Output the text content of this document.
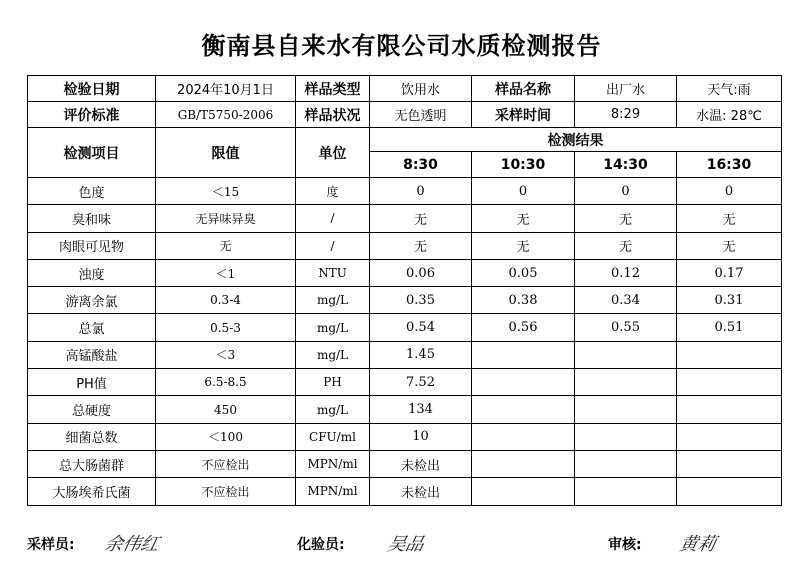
衡南县自来水有限公司水质检测报告
检验日期	2024年10月1日	样品类型	饮用水	样品名称	出厂水	天气:雨
评价标准	GB/T5750-2006	样品状况	无色透明	采样时间	8:29	水温: 28℃
检测项目	限值	单位	检测结果			
			8:30	10:30	14:30	16:30
色度	＜15	度	0	0	0	0
臭和味	无异味异臭	/	无	无	无	无
肉眼可见物	无	/	无	无	无	无
浊度	＜1	NTU	0.06	0.05	0.12	0.17
游离余氯	0.3-4	mg/L	0.35	0.38	0.34	0.31
总氯	0.5-3	mg/L	0.54	0.56	0.55	0.51
高锰酸盐	＜3	mg/L	1.45			
PH值	6.5-8.5	PH	7.52			
总硬度	450	mg/L	134			
细菌总数	＜100	CFU/ml	10			
总大肠菌群	不应检出	MPN/ml	未检出			
大肠埃希氏菌	不应检出	MPN/ml	未检出			
采样员: 余伟红	化验员: 吴品	审核: 黄莉
